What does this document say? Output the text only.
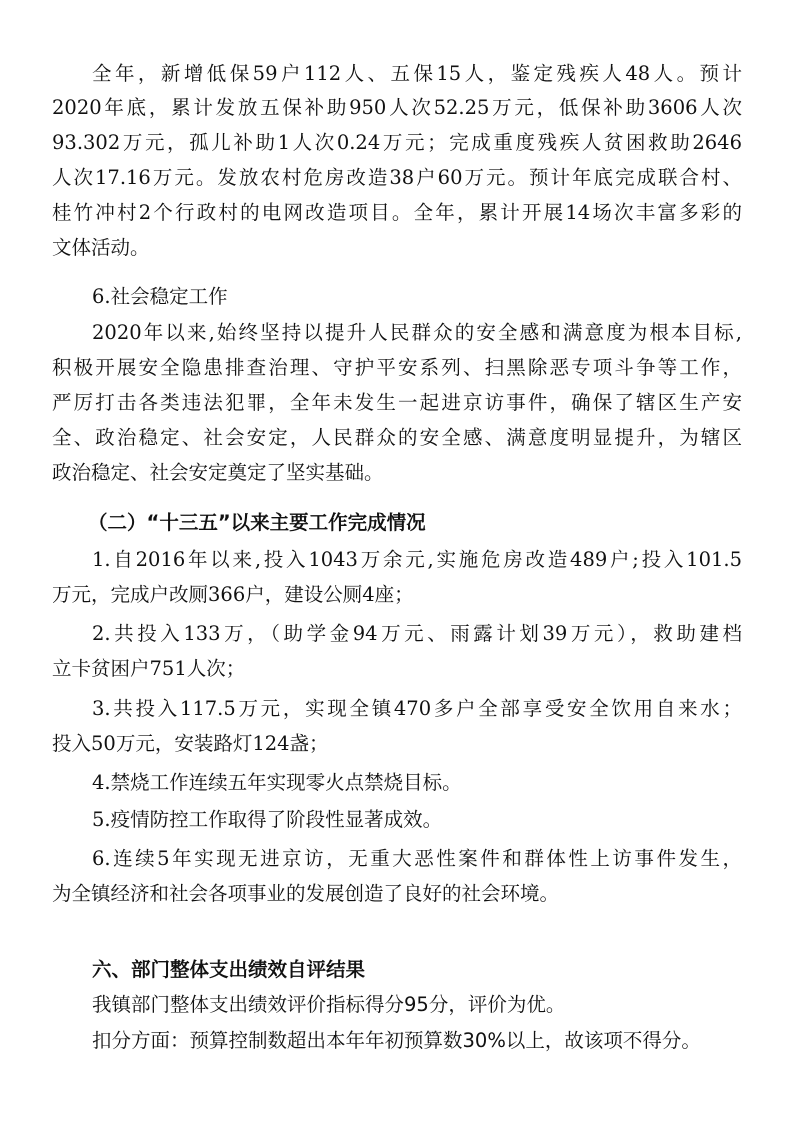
全年，新增低保59户112人、五保15人，鉴定残疾人48人。预计
2020年底，累计发放五保补助950人次52.25万元，低保补助3606人次
93.302万元，孤儿补助1人次0.24万元；完成重度残疾人贫困救助2646
人次17.16万元。发放农村危房改造38户60万元。预计年底完成联合村、
桂竹冲村2个行政村的电网改造项目。全年，累计开展14场次丰富多彩的
文体活动。
6.社会稳定工作
2020年以来,始终坚持以提升人民群众的安全感和满意度为根本目标,
积极开展安全隐患排查治理、守护平安系列、扫黑除恶专项斗争等工作，
严厉打击各类违法犯罪，全年未发生一起进京访事件，确保了辖区生产安
全、政治稳定、社会安定，人民群众的安全感、满意度明显提升，为辖区
政治稳定、社会安定奠定了坚实基础。
（二）“十三五”以来主要工作完成情况
1.自2016年以来,投入1043万余元,实施危房改造489户;投入101.5
万元，完成户改厕366户，建设公厕4座；
2.共投入133万，（助学金94万元、雨露计划39万元），救助建档
立卡贫困户751人次；
3.共投入117.5万元，实现全镇470多户全部享受安全饮用自来水；
投入50万元，安装路灯124盏；
4.禁烧工作连续五年实现零火点禁烧目标。
5.疫情防控工作取得了阶段性显著成效。
6.连续5年实现无进京访，无重大恶性案件和群体性上访事件发生，
为全镇经济和社会各项事业的发展创造了良好的社会环境。
六、部门整体支出绩效自评结果
我镇部门整体支出绩效评价指标得分95分，评价为优。
扣分方面：预算控制数超出本年年初预算数30%以上，故该项不得分。
